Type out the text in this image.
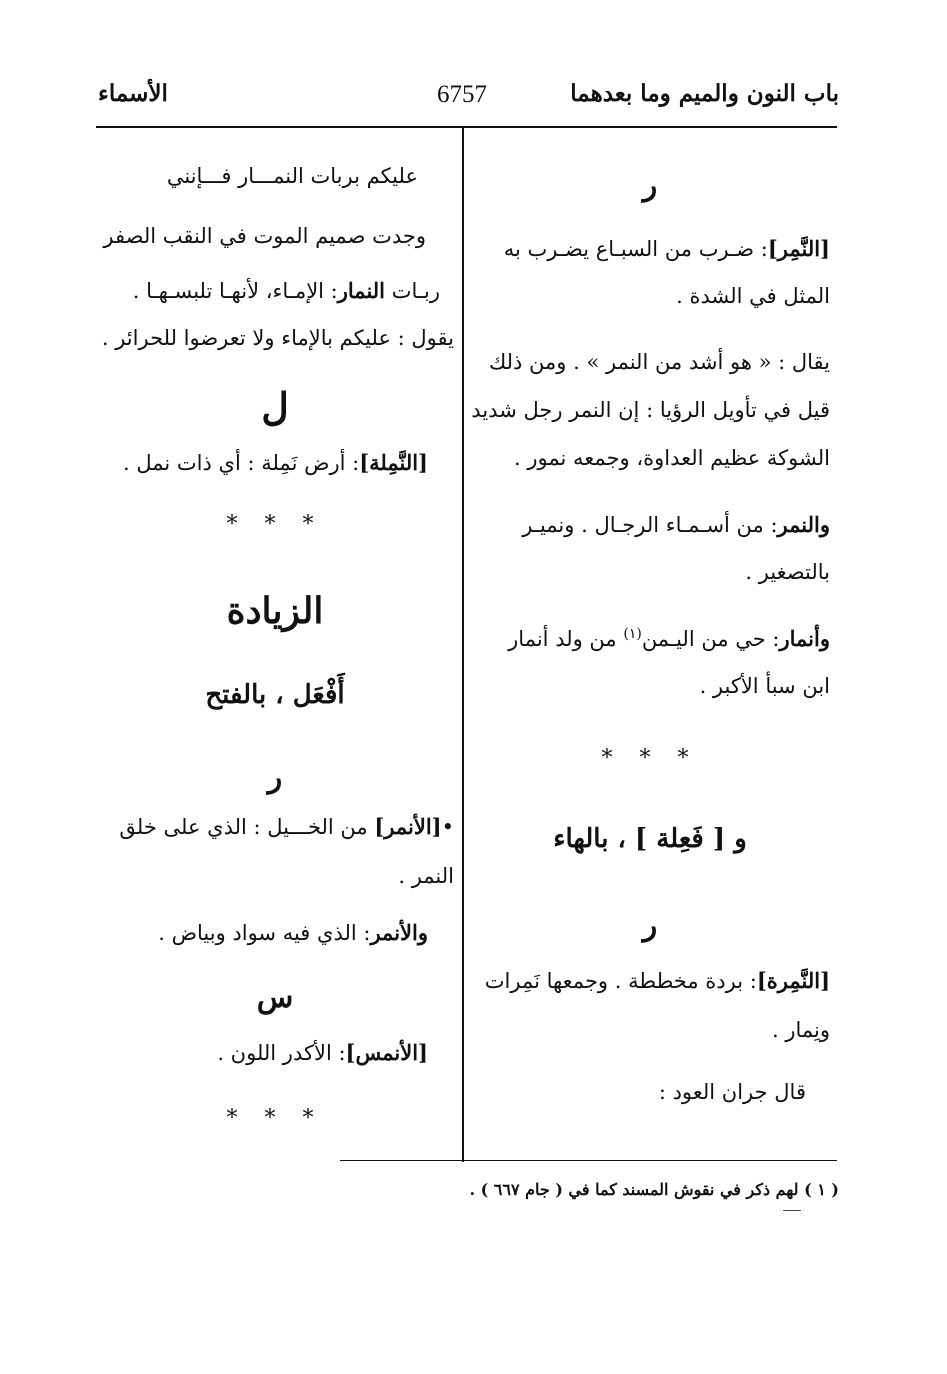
باب النون والميم وما بعدهما
6757
الأسماء
ر
[النَّمِر]: ضـرب من السبـاع يضـرب به
المثل في الشدة .
يقال : « هو أشد من النمر » . ومن ذلك
قيل في تأويل الرؤيا : إن النمر رجل شديد
الشوكة عظيم العداوة، وجمعه نمور .
والنمر: من أسـمـاء الرجـال . ونميـر
بالتصغير .
وأنمار: حي من اليـمن$^{(١)}$ من ولد أنمار
ابن سبأ الأكبر .
* * *
و [ فَعِلة ] ، بالهاء
ر
[النَّمِرة]: بردة مخططة . وجمعها نَمِرات
ونِمار .
قال جران العود :
عليكم بربات النمـــار فـــإنني
وجدت صميم الموت في النقب الصفر
ربـات النمار: الإمـاء، لأنهـا تلبسـهـا .
يقول : عليكم بالإماء ولا تعرضوا للحرائر .
ل
[النَّمِلة]: أرض نَمِلة : أي ذات نمل .
* * *
الزيادة
أَفْعَل ، بالفتح
ر
•[الأنمر] من الخـــيل : الذي على خلق
النمر .
والأنمر: الذي فيه سواد وبياض .
س
[الأنمس]: الأكدر اللون .
* * *
( ١ ) لهم ذكر في نقوش المسند كما في ( جام ٦٦٧ ) .
